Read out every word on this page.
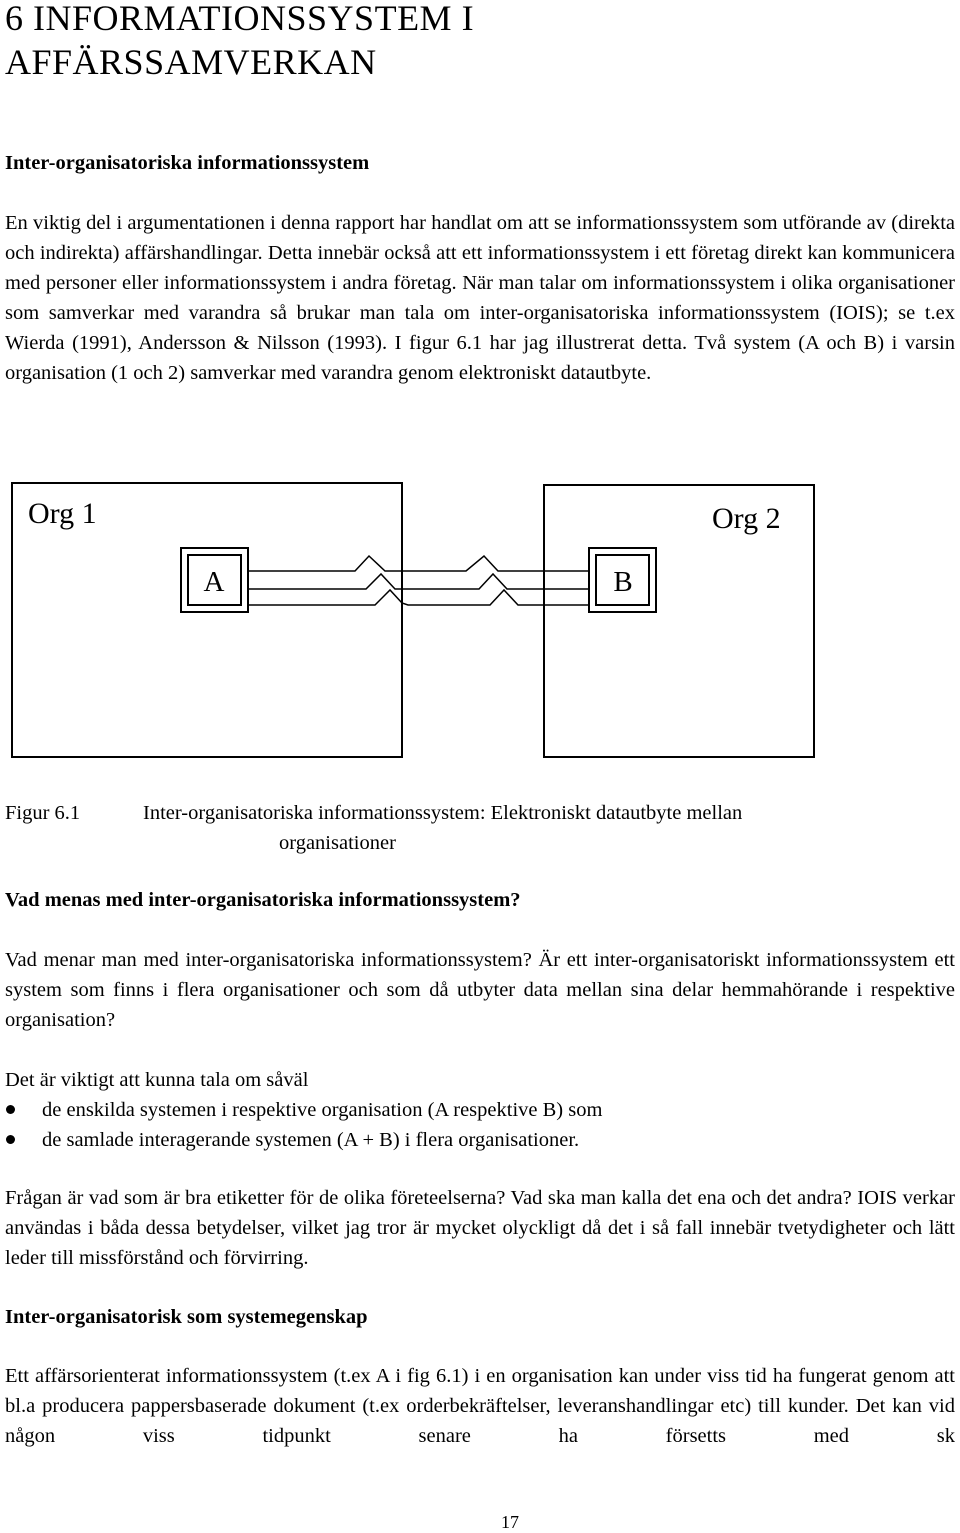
6 INFORMATIONSSYSTEM I
AFFÄRSSAMVERKAN
Inter-organisatoriska informationssystem

En viktig del i argumentationen i denna rapport har handlat om att se informationssystem som utförande av (direkta och indirekta) affärshandlingar. Detta innebär också att ett informationssystem i ett företag direkt kan kommunicera med personer eller informationssystem i andra företag. När man talar om informationssystem i olika organisationer som samverkar med varandra så brukar man tala om inter-organisatoriska informationssystem (IOIS); se t.ex Wierda (1991), Andersson & Nilsson (1993). I figur 6.1 har jag illustrerat detta. Två system (A och B) i varsin organisation (1 och 2) samverkar med varandra genom elektroniskt datautbyte.

Org 1	Org 2
A	B
Figur 6.1	Inter-organisatoriska informationssystem: Elektroniskt datautbyte mellan
organisationer
Vad menas med inter-organisatoriska informationssystem?

Vad menar man med inter-organisatoriska informationssystem? Är ett inter-organisatoriskt informationssystem ett system som finns i flera organisationer och som då utbyter data mellan sina delar hemmahörande i respektive organisation?

Det är viktigt att kunna tala om såväl

de enskilda systemen i respektive organisation (A respektive B) som
de samlade interagerande systemen (A + B) i flera organisationer.

Frågan är vad som är bra etiketter för de olika företeelserna? Vad ska man kalla det ena och det andra? IOIS verkar användas i båda dessa betydelser, vilket jag tror är mycket olyckligt då det i så fall innebär tvetydigheter och lätt leder till missförstånd och förvirring.

Inter-organisatorisk som systemegenskap

Ett affärsorienterat informationssystem (t.ex A i fig 6.1) i en organisation kan under viss tid ha fungerat genom att bl.a producera pappersbaserade dokument (t.ex orderbekräftelser, leveranshandlingar etc) till kunder. Det kan vid någon viss tidpunkt senare ha försetts med sk

17
